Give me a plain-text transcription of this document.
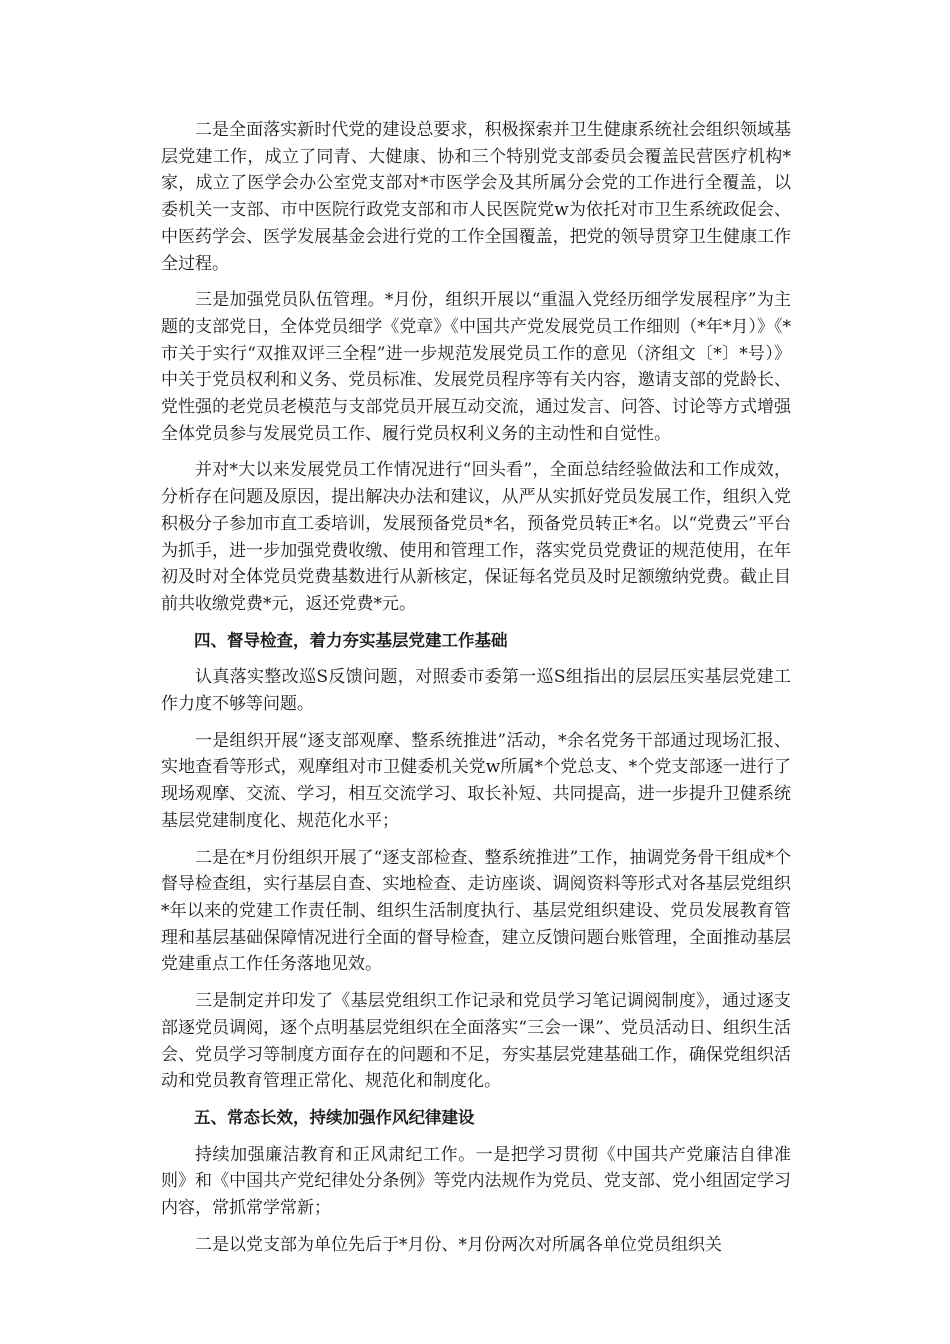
二是全面落实新时代党的建设总要求，积极探索并卫生健康系统社会组织领域基层党建工作，成立了同青、大健康、协和三个特别党支部委员会覆盖民营医疗机构*家，成立了医学会办公室党支部对*市医学会及其所属分会党的工作进行全覆盖，以委机关一支部、市中医院行政党支部和市人民医院党w为依托对市卫生系统政促会、中医药学会、医学发展基金会进行党的工作全国覆盖，把党的领导贯穿卫生健康工作全过程。

三是加强党员队伍管理。*月份，组织开展以“重温入党经历细学发展程序”为主题的支部党日，全体党员细学《党章》《中国共产党发展党员工作细则（*年*月）》《*市关于实行“双推双评三全程”进一步规范发展党员工作的意见（济组文〔*〕*号）》中关于党员权利和义务、党员标准、发展党员程序等有关内容，邀请支部的党龄长、党性强的老党员老模范与支部党员开展互动交流，通过发言、问答、讨论等方式增强全体党员参与发展党员工作、履行党员权利义务的主动性和自觉性。

并对*大以来发展党员工作情况进行“回头看”，全面总结经验做法和工作成效，分析存在问题及原因，提出解决办法和建议，从严从实抓好党员发展工作，组织入党积极分子参加市直工委培训，发展预备党员*名，预备党员转正*名。以“党费云”平台为抓手，进一步加强党费收缴、使用和管理工作，落实党员党费证的规范使用，在年初及时对全体党员党费基数进行从新核定，保证每名党员及时足额缴纳党费。截止目前共收缴党费*元，返还党费*元。

四、督导检查，着力夯实基层党建工作基础

认真落实整改巡S反馈问题，对照委市委第一巡S组指出的层层压实基层党建工作力度不够等问题。

一是组织开展“逐支部观摩、整系统推进”活动，*余名党务干部通过现场汇报、实地查看等形式，观摩组对市卫健委机关党w所属*个党总支、*个党支部逐一进行了现场观摩、交流、学习，相互交流学习、取长补短、共同提高，进一步提升卫健系统基层党建制度化、规范化水平；

二是在*月份组织开展了“逐支部检查、整系统推进”工作，抽调党务骨干组成*个督导检查组，实行基层自查、实地检查、走访座谈、调阅资料等形式对各基层党组织*年以来的党建工作责任制、组织生活制度执行、基层党组织建设、党员发展教育管理和基层基础保障情况进行全面的督导检查，建立反馈问题台账管理，全面推动基层党建重点工作任务落地见效。

三是制定并印发了《基层党组织工作记录和党员学习笔记调阅制度》，通过逐支部逐党员调阅，逐个点明基层党组织在全面落实“三会一课”、党员活动日、组织生活会、党员学习等制度方面存在的问题和不足，夯实基层党建基础工作，确保党组织活动和党员教育管理正常化、规范化和制度化。

五、常态长效，持续加强作风纪律建设

持续加强廉洁教育和正风肃纪工作。一是把学习贯彻《中国共产党廉洁自律准则》和《中国共产党纪律处分条例》等党内法规作为党员、党支部、党小组固定学习内容，常抓常学常新；

二是以党支部为单位先后于*月份、*月份两次对所属各单位党员组织关
